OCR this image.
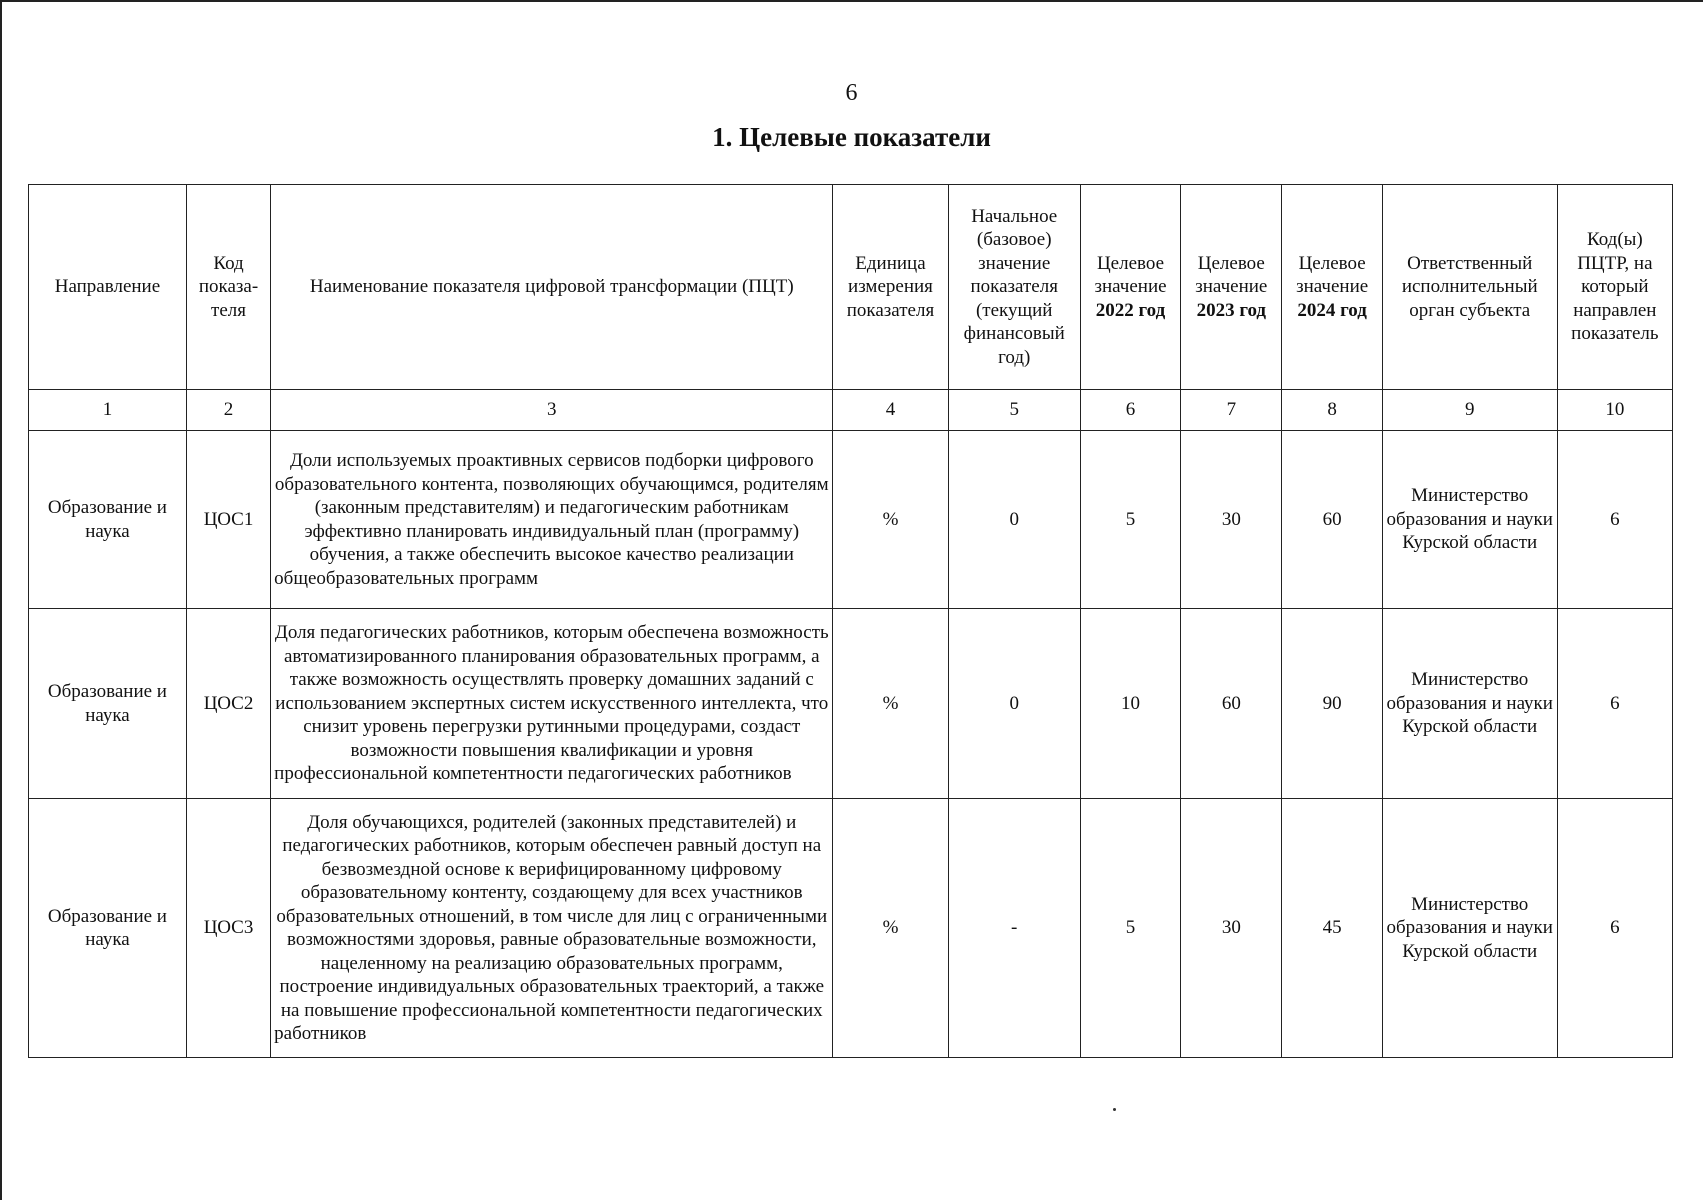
6
1. Целевые показатели
Направление	Код показа-теля	Наименование показателя цифровой трансформации (ПЦТ)	Единица измерения показателя	Начальное (базовое) значение показателя (текущий финансовый год)	Целевое значение 2022 год	Целевое значение 2023 год	Целевое значение 2024 год	Ответственный исполнительный орган субъекта	Код(ы) ПЦТР, на который направлен показатель
1	2	3	4	5	6	7	8	9	10
Образование и наука	ЦОС1	Доли используемых проактивных сервисов подборки цифрового образовательного контента, позволяющих обучающимся, родителям (законным представителям) и педагогическим работникам эффективно планировать индивидуальный план (программу) обучения, а также обеспечить высокое качество реализации общеобразовательных программ	%	0	5	30	60	Министерство образования и науки Курской области	6
Образование и наука	ЦОС2	Доля педагогических работников, которым обеспечена возможность автоматизированного планирования образовательных программ, а также возможность осуществлять проверку домашних заданий с использованием экспертных систем искусственного интеллекта, что снизит уровень перегрузки рутинными процедурами, создаст возможности повышения квалификации и уровня профессиональной компетентности педагогических работников	%	0	10	60	90	Министерство образования и науки Курской области	6
Образование и наука	ЦОС3	Доля обучающихся, родителей (законных представителей) и педагогических работников, которым обеспечен равный доступ на безвозмездной основе к верифицированному цифровому образовательному контенту, создающему для всех участников образовательных отношений, в том числе для лиц с ограниченными возможностями здоровья, равные образовательные возможности, нацеленному на реализацию образовательных программ, построение индивидуальных образовательных траекторий, а также на повышение профессиональной компетентности педагогических работников	%	-	5	30	45	Министерство образования и науки Курской области	6
